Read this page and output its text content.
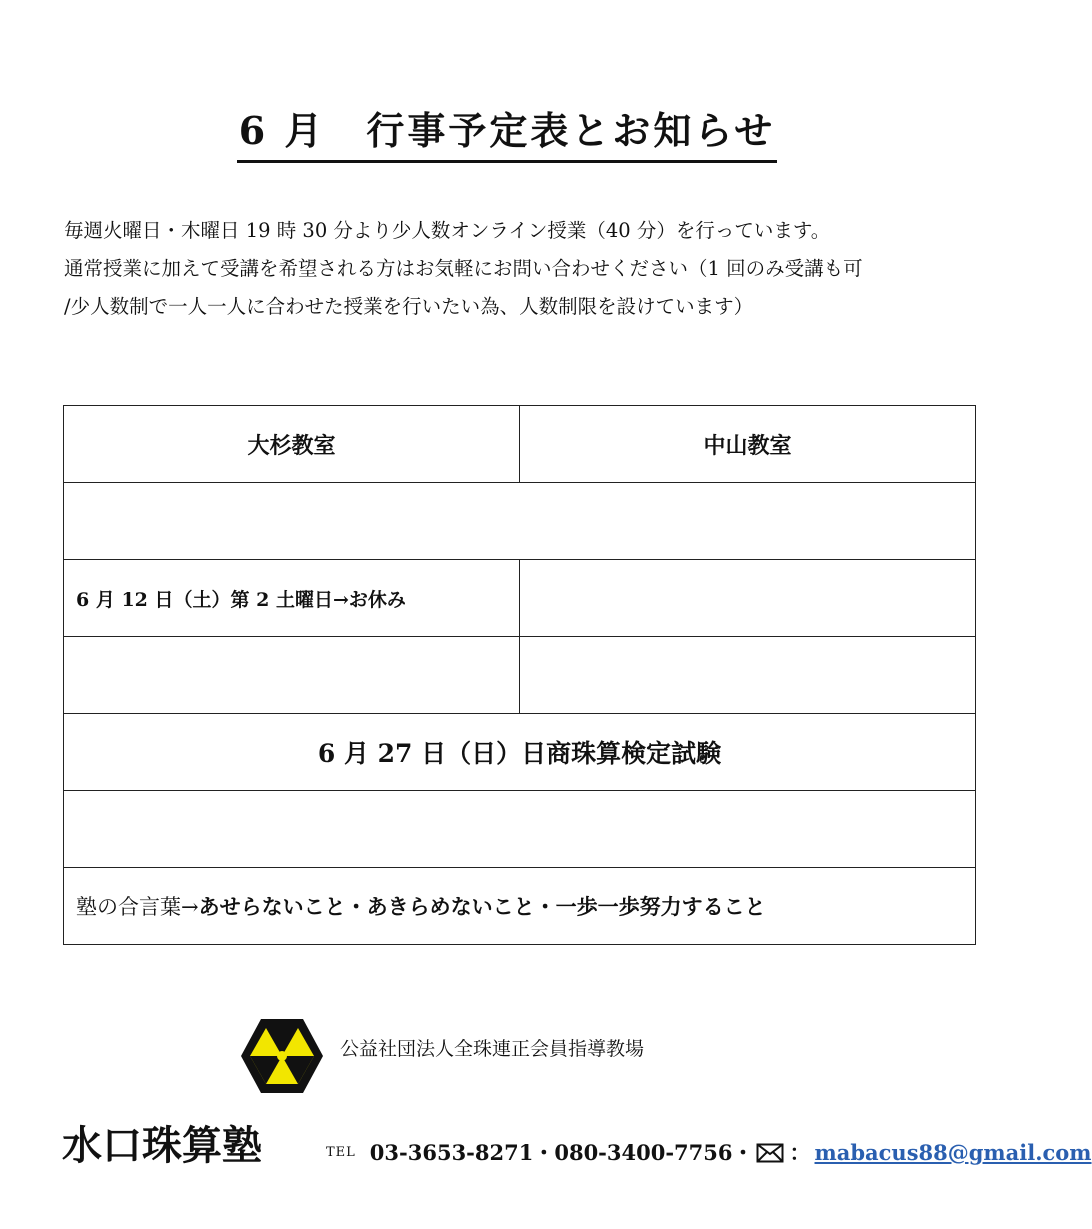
6 月　行事予定表とお知らせ
毎週火曜日・木曜日 19 時 30 分より少人数オンライン授業（40 分）を行っています。
通常授業に加えて受講を希望される方はお気軽にお問い合わせください（1 回のみ受講も可
/少人数制で一人一人に合わせた授業を行いたい為、人数制限を設けています）
大杉教室	中山教室

6 月 12 日（土）第 2 土曜日→お休み	

6 月 27 日（日）日商珠算検定試験	

塾の合言葉→あせらないこと・あきらめないこと・一歩一歩努力すること	
公益社団法人全珠連正会員指導教場
水口珠算塾	TEL 03-3653-8271・080-3400-7756・ ： mabacus88@gmail.com
